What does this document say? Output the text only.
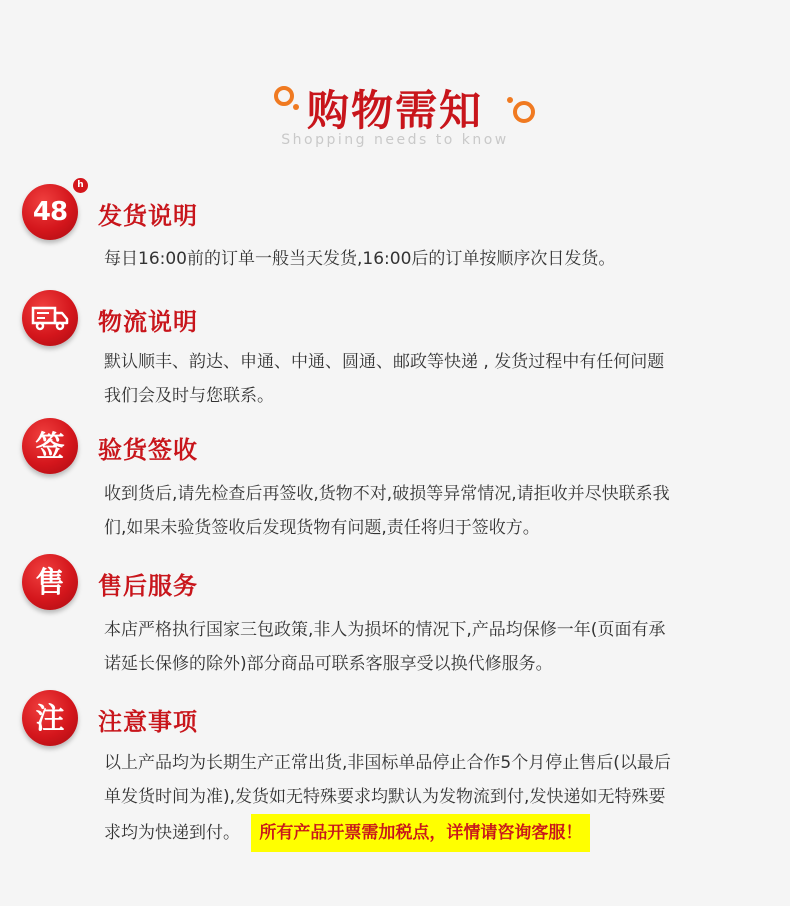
购物需知
Shopping needs to know
48
h
发货说明
每日16:00前的订单一般当天发货,16:00后的订单按顺序次日发货。
物流说明
默认顺丰、韵达、申通、中通、圆通、邮政等快递 , 发货过程中有任何问题
我们会及时与您联系。
签 验货签收
收到货后,请先检查后再签收,货物不对,破损等异常情况,请拒收并尽快联系我
们,如果未验货签收后发现货物有问题,责任将归于签收方。
售 售后服务
本店严格执行国家三包政策,非人为损坏的情况下,产品均保修一年(页面有承
诺延长保修的除外)部分商品可联系客服享受以换代修服务。
注 注意事项
以上产品均为长期生产正常出货,非国标单品停止合作5个月停止售后(以最后
单发货时间为准),发货如无特殊要求均默认为发物流到付,发快递如无特殊要
求均为快递到付。 所有产品开票需加税点，详情请咨询客服！
